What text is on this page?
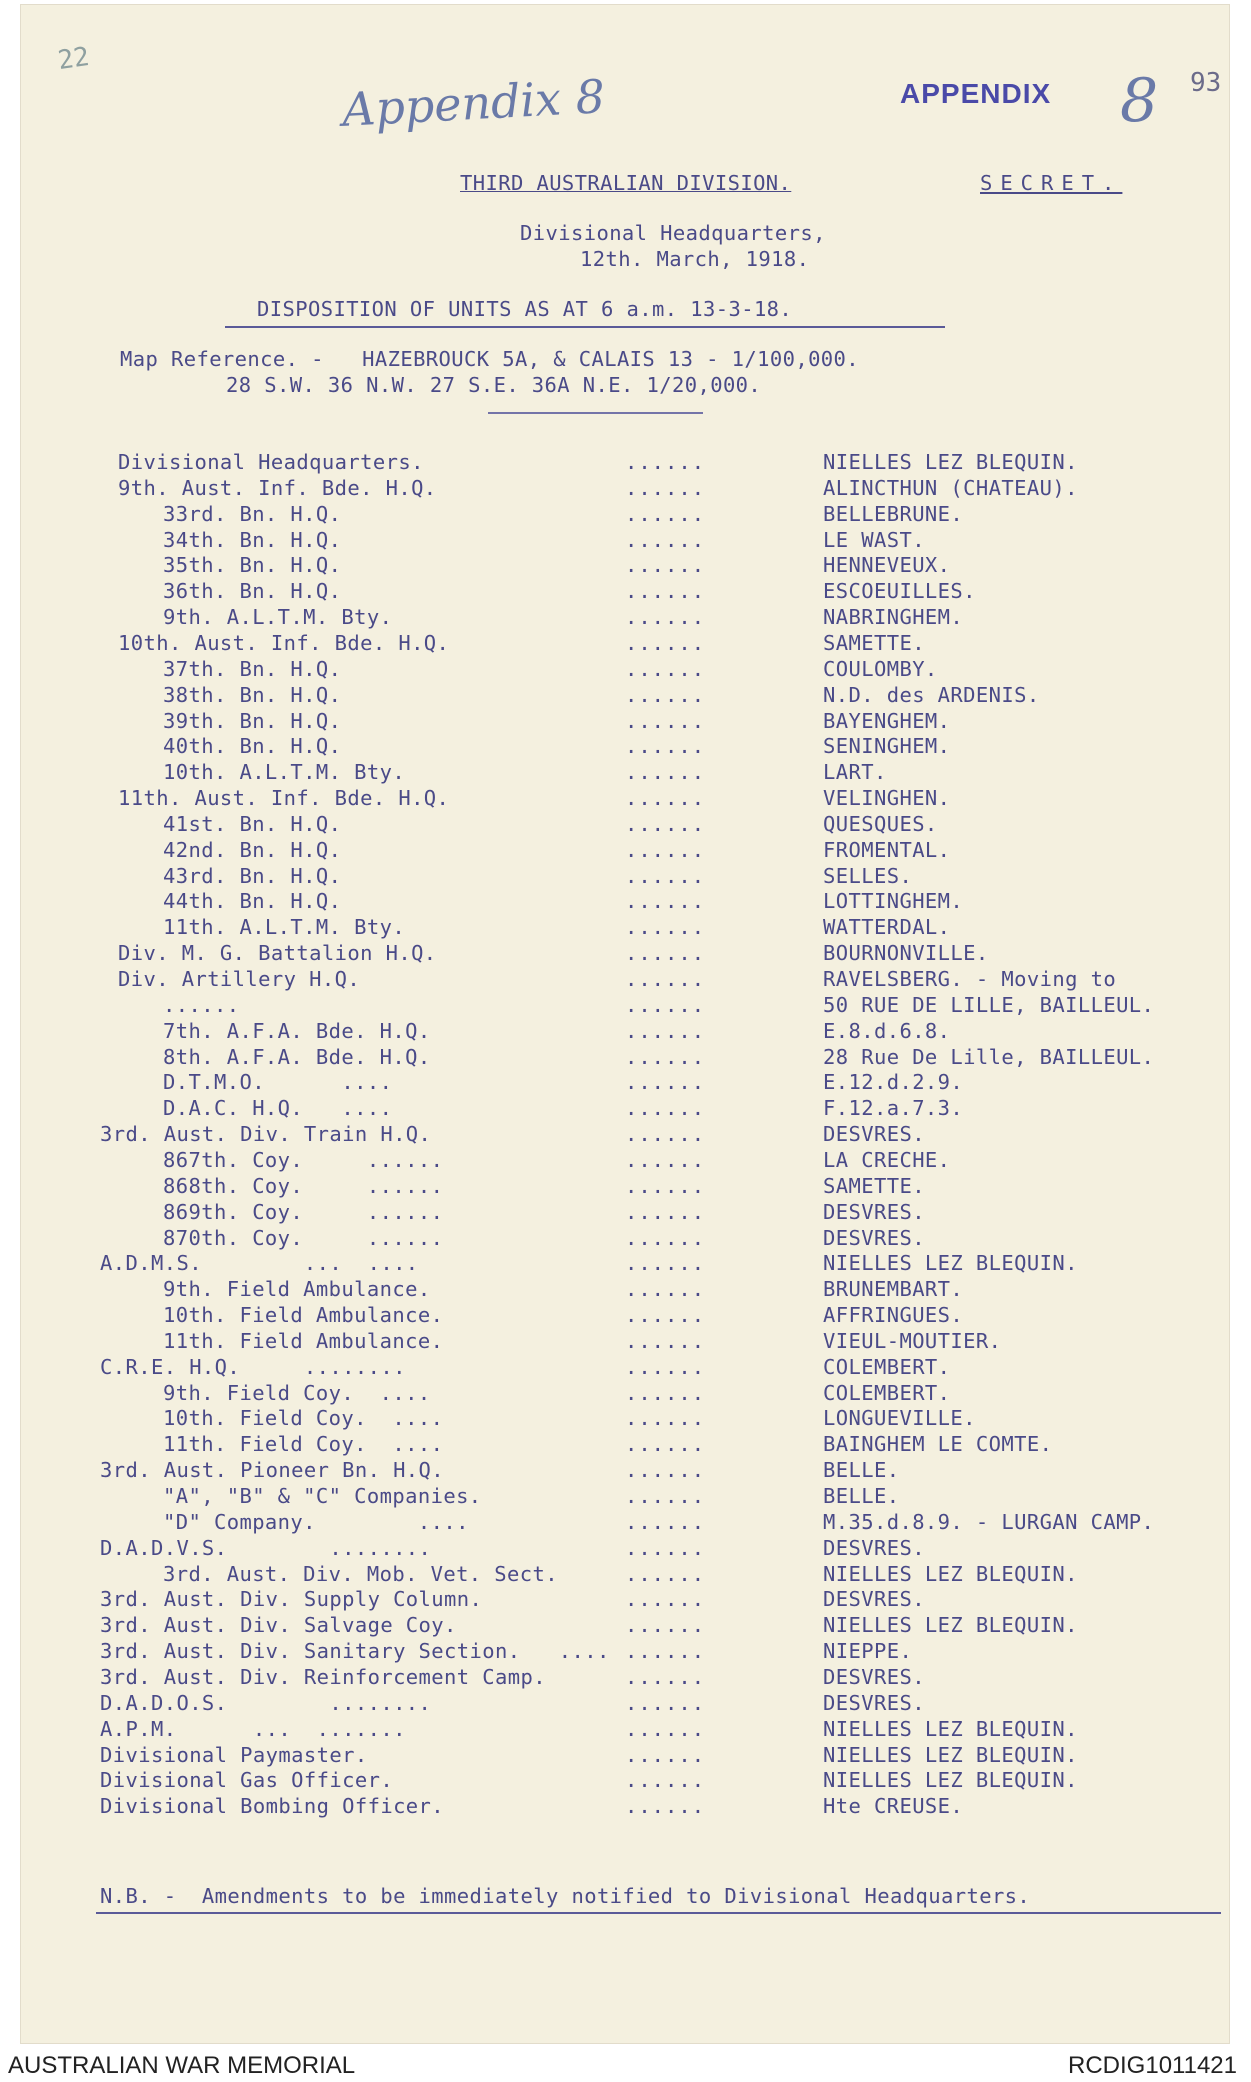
Appendix 8	APPENDIX 8 93
22
THIRD AUSTRALIAN DIVISION.	SECRET.
Divisional Headquarters,
12th. March, 1918.
DISPOSITION OF UNITS AS AT 6 a.m. 13-3-18.
Map Reference. -   HAZEBROUCK 5A, & CALAIS 13 - 1/100,000.
28 S.W. 36 N.W. 27 S.E. 36A N.E. 1/20,000.
Divisional Headquarters.	......	NIELLES LEZ BLEQUIN.
9th. Aust. Inf. Bde. H.Q.	......	ALINCTHUN (CHATEAU).
33rd. Bn. H.Q.	......	BELLEBRUNE.
34th. Bn. H.Q.	......	LE WAST.
35th. Bn. H.Q.	......	HENNEVEUX.
36th. Bn. H.Q.	......	ESCOEUILLES.
9th. A.L.T.M. Bty.	......	NABRINGHEM.
10th. Aust. Inf. Bde. H.Q.	......	SAMETTE.
37th. Bn. H.Q.	......	COULOMBY.
38th. Bn. H.Q.	......	N.D. des ARDENIS.
39th. Bn. H.Q.	......	BAYENGHEM.
40th. Bn. H.Q.	......	SENINGHEM.
10th. A.L.T.M. Bty.	......	LART.
11th. Aust. Inf. Bde. H.Q.	......	VELINGHEN.
41st. Bn. H.Q.	......	QUESQUES.
42nd. Bn. H.Q.	......	FROMENTAL.
43rd. Bn. H.Q.	......	SELLES.
44th. Bn. H.Q.	......	LOTTINGHEM.
11th. A.L.T.M. Bty.	......	WATTERDAL.
Div. M. G. Battalion H.Q.	......	BOURNONVILLE.
Div. Artillery H.Q.	......	RAVELSBERG. - Moving to
......	......	50 RUE DE LILLE, BAILLEUL.
7th. A.F.A. Bde. H.Q.	......	E.8.d.6.8.
8th. A.F.A. Bde. H.Q.	......	28 Rue De Lille, BAILLEUL.
D.T.M.O.      ....	......	E.12.d.2.9.
D.A.C. H.Q.   ....	......	F.12.a.7.3.
3rd. Aust. Div. Train H.Q.	......	DESVRES.
867th. Coy.     ......	......	LA CRECHE.
868th. Coy.     ......	......	SAMETTE.
869th. Coy.     ......	......	DESVRES.
870th. Coy.     ......	......	DESVRES.
A.D.M.S.        ...  ....	......	NIELLES LEZ BLEQUIN.
9th. Field Ambulance.	......	BRUNEMBART.
10th. Field Ambulance.	......	AFFRINGUES.
11th. Field Ambulance.	......	VIEUL-MOUTIER.
C.R.E. H.Q.     ........	......	COLEMBERT.
9th. Field Coy.  ....	......	COLEMBERT.
10th. Field Coy.  ....	......	LONGUEVILLE.
11th. Field Coy.  ....	......	BAINGHEM LE COMTE.
3rd. Aust. Pioneer Bn. H.Q.	......	BELLE.
"A", "B" & "C" Companies.	......	BELLE.
"D" Company.        ....	......	M.35.d.8.9. - LURGAN CAMP.
D.A.D.V.S.        ........	......	DESVRES.
3rd. Aust. Div. Mob. Vet. Sect.	......	NIELLES LEZ BLEQUIN.
3rd. Aust. Div. Supply Column.	......	DESVRES.
3rd. Aust. Div. Salvage Coy.	......	NIELLES LEZ BLEQUIN.
3rd. Aust. Div. Sanitary Section.   .... ......	NIEPPE.
3rd. Aust. Div. Reinforcement Camp.	......	DESVRES.
D.A.D.O.S.        ........	......	DESVRES.
A.P.M.      ...  .......	......	NIELLES LEZ BLEQUIN.
Divisional Paymaster.	......	NIELLES LEZ BLEQUIN.
Divisional Gas Officer.	......	NIELLES LEZ BLEQUIN.
Divisional Bombing Officer.	......	Hte CREUSE.
N.B. -  Amendments to be immediately notified to Divisional Headquarters.
AUSTRALIAN WAR MEMORIAL	RCDIG1011421
